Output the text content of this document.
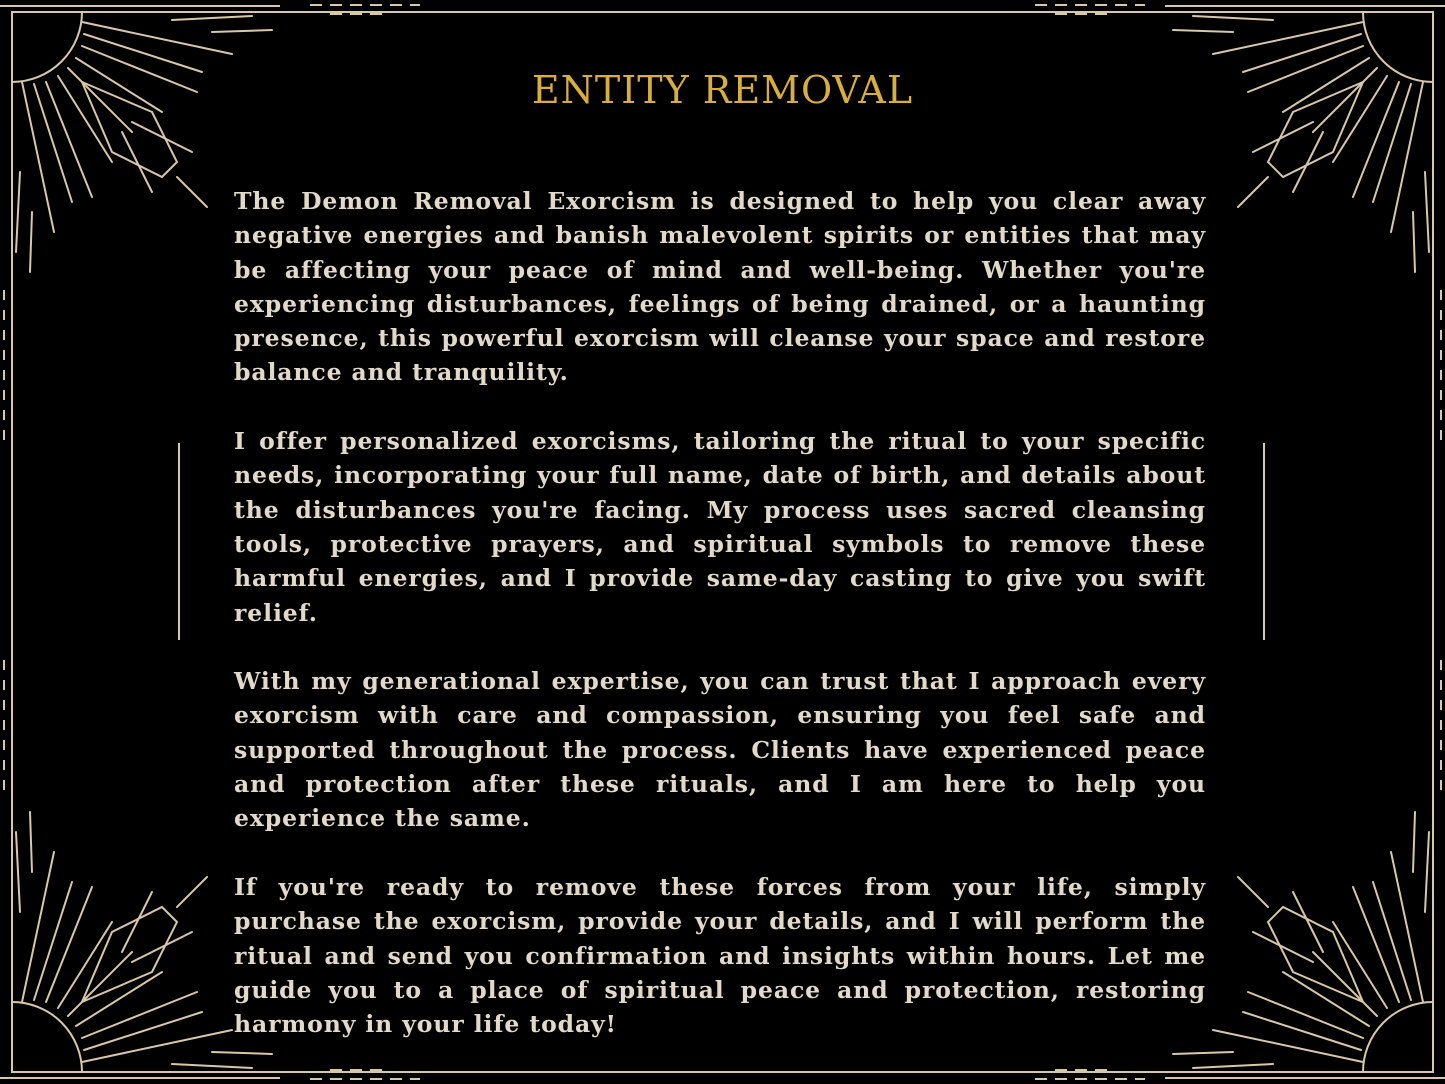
ENTITY REMOVAL

The Demon Removal Exorcism is designed to help you clear away negative energies and banish malevolent spirits or entities that may be affecting your peace of mind and well-being. Whether you're experiencing disturbances, feelings of being drained, or a haunting presence, this powerful exorcism will cleanse your space and restore balance and tranquility.

I offer personalized exorcisms, tailoring the ritual to your specific needs, incorporating your full name, date of birth, and details about the disturbances you're facing. My process uses sacred cleansing tools, protective prayers, and spiritual symbols to remove these harmful energies, and I provide same-day casting to give you swift relief.

With my generational expertise, you can trust that I approach every exorcism with care and compassion, ensuring you feel safe and supported throughout the process. Clients have experienced peace and protection after these rituals, and I am here to help you experience the same.

If you're ready to remove these forces from your life, simply purchase the exorcism, provide your details, and I will perform the ritual and send you confirmation and insights within hours. Let me guide you to a place of spiritual peace and protection, restoring harmony in your life today!
